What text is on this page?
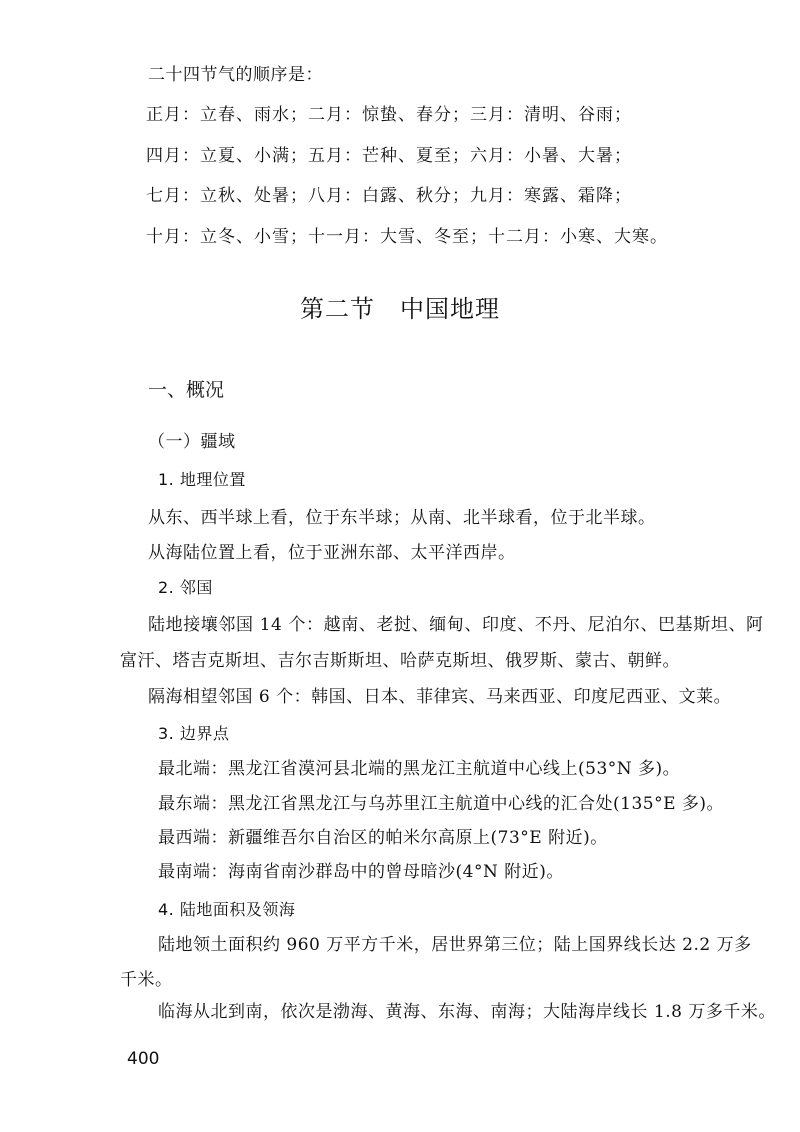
二十四节气的顺序是：
正月：立春、雨水；二月：惊蛰、春分；三月：清明、谷雨；
四月：立夏、小满；五月：芒种、夏至；六月：小暑、大暑；
七月：立秋、处暑；八月：白露、秋分；九月：寒露、霜降；
十月：立冬、小雪；十一月：大雪、冬至；十二月：小寒、大寒。
第二节　中国地理
一、概况
（一）疆域
1. 地理位置
从东、西半球上看，位于东半球；从南、北半球看，位于北半球。
从海陆位置上看，位于亚洲东部、太平洋西岸。
2. 邻国
陆地接壤邻国 14 个：越南、老挝、缅甸、印度、不丹、尼泊尔、巴基斯坦、阿
富汗、塔吉克斯坦、吉尔吉斯斯坦、哈萨克斯坦、俄罗斯、蒙古、朝鲜。
隔海相望邻国 6 个：韩国、日本、菲律宾、马来西亚、印度尼西亚、文莱。
3. 边界点
最北端：黑龙江省漠河县北端的黑龙江主航道中心线上(53°N 多)。
最东端：黑龙江省黑龙江与乌苏里江主航道中心线的汇合处(135°E 多)。
最西端：新疆维吾尔自治区的帕米尔高原上(73°E 附近)。
最南端：海南省南沙群岛中的曾母暗沙(4°N 附近)。
4. 陆地面积及领海
陆地领土面积约 960 万平方千米，居世界第三位；陆上国界线长达 2.2 万多
千米。
临海从北到南，依次是渤海、黄海、东海、南海；大陆海岸线长 1.8 万多千米。
400
